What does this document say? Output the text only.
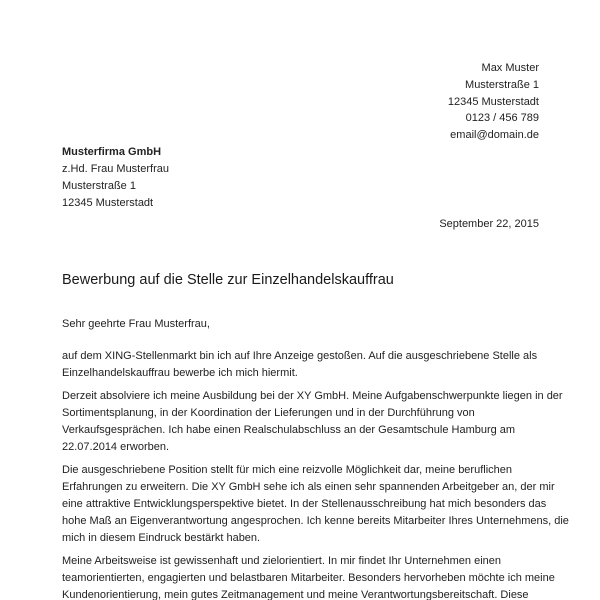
Max Muster
Musterstraße 1
12345 Musterstadt
0123 / 456 789
email@domain.de
Musterfirma GmbH
z.Hd. Frau Musterfrau
Musterstraße 1
12345 Musterstadt
September 22, 2015
Bewerbung auf die Stelle zur Einzelhandelskauffrau
Sehr geehrte Frau Musterfrau,

auf dem XING-Stellenmarkt bin ich auf Ihre Anzeige gestoßen. Auf die ausgeschriebene Stelle als
Einzelhandelskauffrau bewerbe ich mich hiermit.

Derzeit absolviere ich meine Ausbildung bei der XY GmbH. Meine Aufgabenschwerpunkte liegen in der
Sortimentsplanung, in der Koordination der Lieferungen und in der Durchführung von
Verkaufsgesprächen. Ich habe einen Realschulabschluss an der Gesamtschule Hamburg am
22.07.2014 erworben.

Die ausgeschriebene Position stellt für mich eine reizvolle Möglichkeit dar, meine beruflichen
Erfahrungen zu erweitern. Die XY GmbH sehe ich als einen sehr spannenden Arbeitgeber an, der mir
eine attraktive Entwicklungsperspektive bietet. In der Stellenausschreibung hat mich besonders das
hohe Maß an Eigenverantwortung angesprochen. Ich kenne bereits Mitarbeiter Ihres Unternehmens, die
mich in diesem Eindruck bestärkt haben.

Meine Arbeitsweise ist gewissenhaft und zielorientiert. In mir findet Ihr Unternehmen einen
teamorientierten, engagierten und belastbaren Mitarbeiter. Besonders hervorheben möchte ich meine
Kundenorientierung, mein gutes Zeitmanagement und meine Verantwortungsbereitschaft. Diese
